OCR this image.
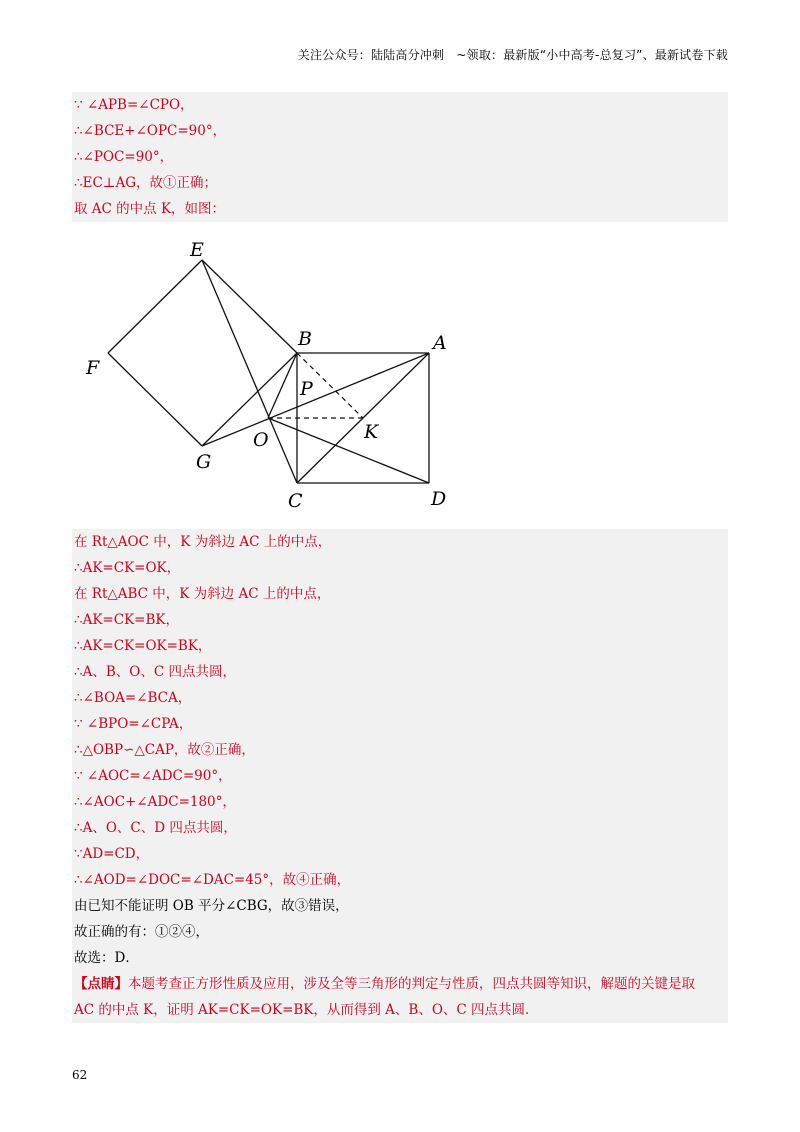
关注公众号：陆陆高分冲刺　~领取：最新版“小中高考-总复习”、最新试卷下载
∵ ∠APB=∠CPO，
∴∠BCE+∠OPC=90°，
∴∠POC=90°，
∴EC⊥AG，故①正确；
取 AC 的中点 K，如图：
E
F
G
B	A
P
O	K
C	D
在 Rt△AOC 中，K 为斜边 AC 上的中点，
∴AK=CK=OK，
在 Rt△ABC 中，K 为斜边 AC 上的中点，
∴AK=CK=BK，
∴AK=CK=OK=BK，
∴A、B、O、C 四点共圆，
∴∠BOA=∠BCA，
∵ ∠BPO=∠CPA，
∴△OBP∽△CAP，故②正确，
∵ ∠AOC=∠ADC=90°，
∴∠AOC+∠ADC=180°，
∴A、O、C、D 四点共圆，
∵AD=CD，
∴∠AOD=∠DOC=∠DAC=45°，故④正确，
由已知不能证明 OB 平分∠CBG，故③错误，
故正确的有：①②④，
故选：D．
【点睛】本题考查正方形性质及应用，涉及全等三角形的判定与性质，四点共圆等知识，解题的关键是取
AC 的中点 K，证明 AK=CK=OK=BK，从而得到 A、B、O、C 四点共圆．
62
